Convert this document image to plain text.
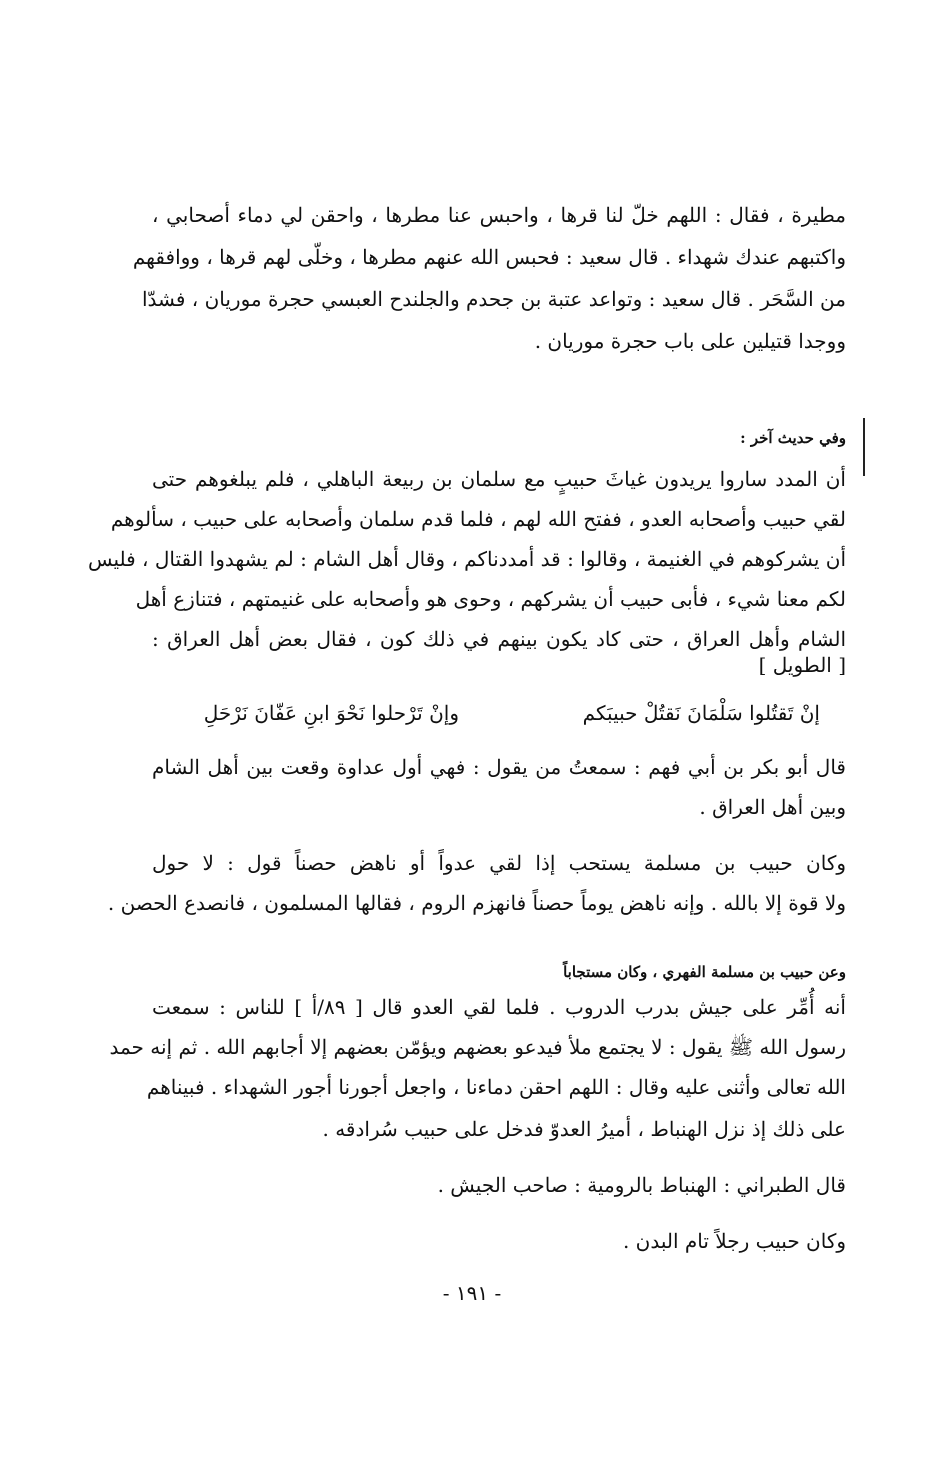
مطيرة ، فقال : اللهم خلّ لنا قرها ، واحبس عنا مطرها ، واحقن لي دماء أصحابي ،
واكتبهم عندك شهداء . قال سعيد : فحبس الله عنهم مطرها ، وخلّى لهم قرها ، ووافقهم
من السَّحَر . قال سعيد : وتواعد عتبة بن جحدم والجلندح العبسي حجرة موريان ، فشدّا
ووجدا قتيلين على باب حجرة موريان .
وفي حديث آخر :
أن المدد ساروا يريدون غياثَ حبيبٍ مع سلمان بن ربيعة الباهلي ، فلم يبلغوهم حتى
لقي حبيب وأصحابه العدو ، ففتح الله لهم ، فلما قدم سلمان وأصحابه على حبيب ، سألوهم
أن يشركوهم في الغنيمة ، وقالوا : قد أمددناكم ، وقال أهل الشام : لم يشهدوا القتال ، فليس
لكم معنا شيء ، فأبى حبيب أن يشركهم ، وحوى هو وأصحابه على غنيمتهم ، فتنازع أهل
الشام وأهل العراق ، حتى كاد يكون بينهم في ذلك كون ، فقال بعض أهل العراق :
[ الطويل ]
إنْ تَقتُلوا سَلْمَانَ نَقتُلْ حبيبَكم
وإنْ تَرْحلوا نَحْوَ ابنِ عَفّانَ نَرْحَلِ
قال أبو بكر بن أبي فهم : سمعتُ من يقول : فهي أول عداوة وقعت بين أهل الشام
وبين أهل العراق .
وكان حبيب بن مسلمة يستحب إذا لقي عدواً أو ناهض حصناً قول : لا حول
ولا قوة إلا بالله . وإنه ناهض يوماً حصناً فانهزم الروم ، فقالها المسلمون ، فانصدع الحصن .
وعن حبيب بن مسلمة الفهري ، وكان مستجاباً
أنه أُمِّر على جيش بدرب الدروب . فلما لقي العدو قال [ ٨٩/أ ] للناس : سمعت
رسول الله ﷺ يقول : لا يجتمع ملأ فيدعو بعضهم ويؤمّن بعضهم إلا أجابهم الله . ثم إنه حمد
الله تعالى وأثنى عليه وقال : اللهم احقن دماءنا ، واجعل أجورنا أجور الشهداء . فبيناهم
على ذلك إذ نزل الهنباط ، أميرُ العدوّ فدخل على حبيب سُرادقه .
قال الطبراني : الهنباط بالرومية : صاحب الجيش .
وكان حبيب رجلاً تام البدن .
- ١٩١ -
